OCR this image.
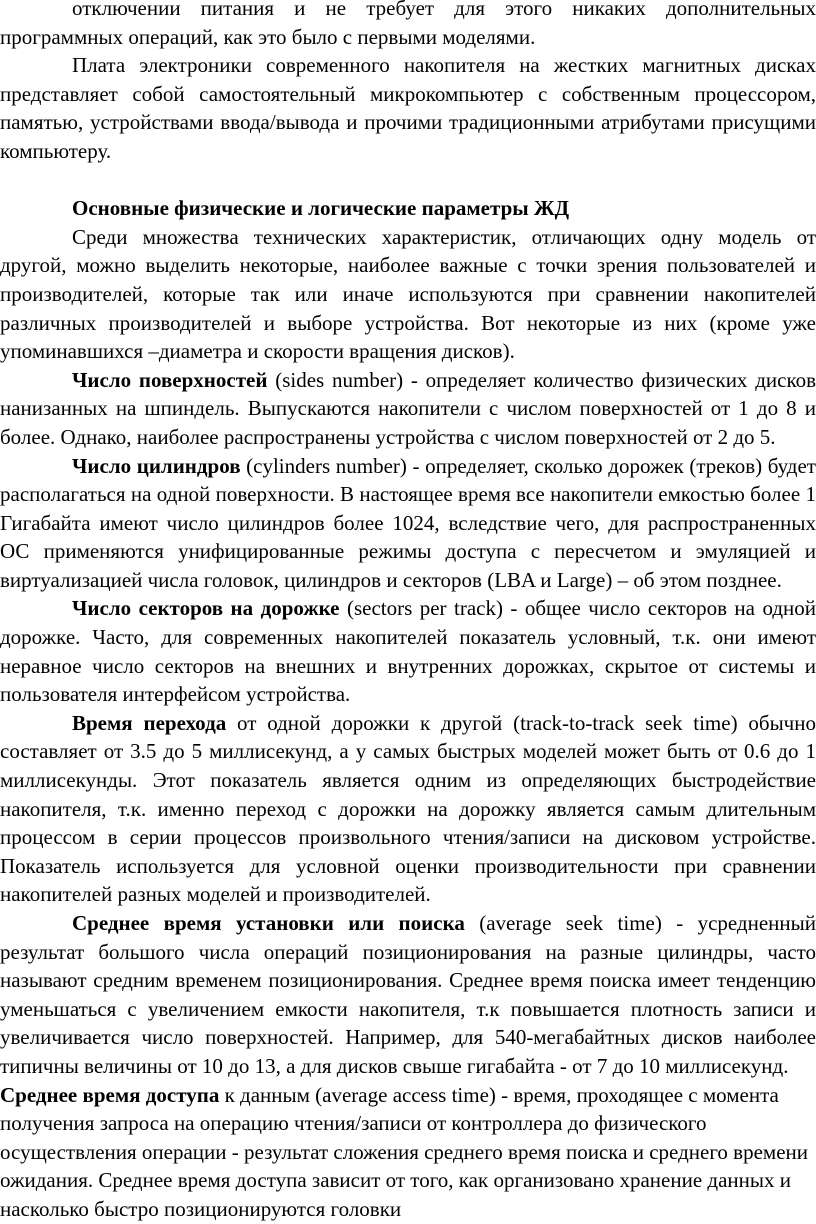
отключении питания и не требует для этого никаких дополнительных программных операций, как это было с первыми моделями.

Плата электроники современного накопителя на жестких магнитных дисках представляет собой самостоятельный микрокомпьютер с собственным процессором, памятью, устройствами ввода/вывода и прочими традиционными атрибутами присущими компьютеру.

Основные физические и логические параметры ЖД

Среди множества технических характеристик, отличающих одну модель от другой, можно выделить некоторые, наиболее важные с точки зрения пользователей и производителей, которые так или иначе используются при сравнении накопителей различных производителей и выборе устройства. Вот некоторые из них (кроме уже упоминавшихся –диаметра и скорости вращения дисков).

Число поверхностей (sides number) - определяет количество физических дисков нанизанных на шпиндель. Выпускаются накопители с числом поверхностей от 1 до 8 и более. Однако, наиболее распространены устройства с числом поверхностей от 2 до 5.

Число цилиндров (cylinders number) - определяет, сколько дорожек (треков) будет располагаться на одной поверхности. В настоящее время все накопители емкостью более 1 Гигабайта имеют число цилиндров более 1024, вследствие чего, для распространенных ОС применяются унифицированные режимы доступа с пересчетом и эмуляцией и виртуализацией числа головок, цилиндров и секторов (LBA и Large) – об этом позднее.

Число секторов на дорожке (sectors per track) - общее число секторов на одной дорожке. Часто, для современных накопителей показатель условный, т.к. они имеют неравное число секторов на внешних и внутренних дорожках, скрытое от системы и пользователя интерфейсом устройства.

Время перехода от одной дорожки к другой (track-to-track seek time) обычно составляет от 3.5 до 5 миллисекунд, а у самых быстрых моделей может быть от 0.6 до 1 миллисекунды. Этот показатель является одним из определяющих быстродействие накопителя, т.к. именно переход с дорожки на дорожку является самым длительным процессом в серии процессов произвольного чтения/записи на дисковом устройстве. Показатель используется для условной оценки производительности при сравнении накопителей разных моделей и производителей.

Среднее время установки или поиска (average seek time) - усредненный результат большого числа операций позиционирования на разные цилиндры, часто называют средним временем позиционирования. Среднее время поиска имеет тенденцию уменьшаться с увеличением емкости накопителя, т.к повышается плотность записи и увеличивается число поверхностей. Например, для 540-мегабайтных дисков наиболее типичны величины от 10 до 13, а для дисков свыше гигабайта - от 7 до 10 миллисекунд.

Среднее время доступа к данным (average access time) - время, проходящее с момента получения запроса на операцию чтения/записи от контроллера до физического осуществления операции - результат сложения среднего время поиска и среднего времени ожидания. Среднее время доступа зависит от того, как организовано хранение данных и насколько быстро позиционируются головки
